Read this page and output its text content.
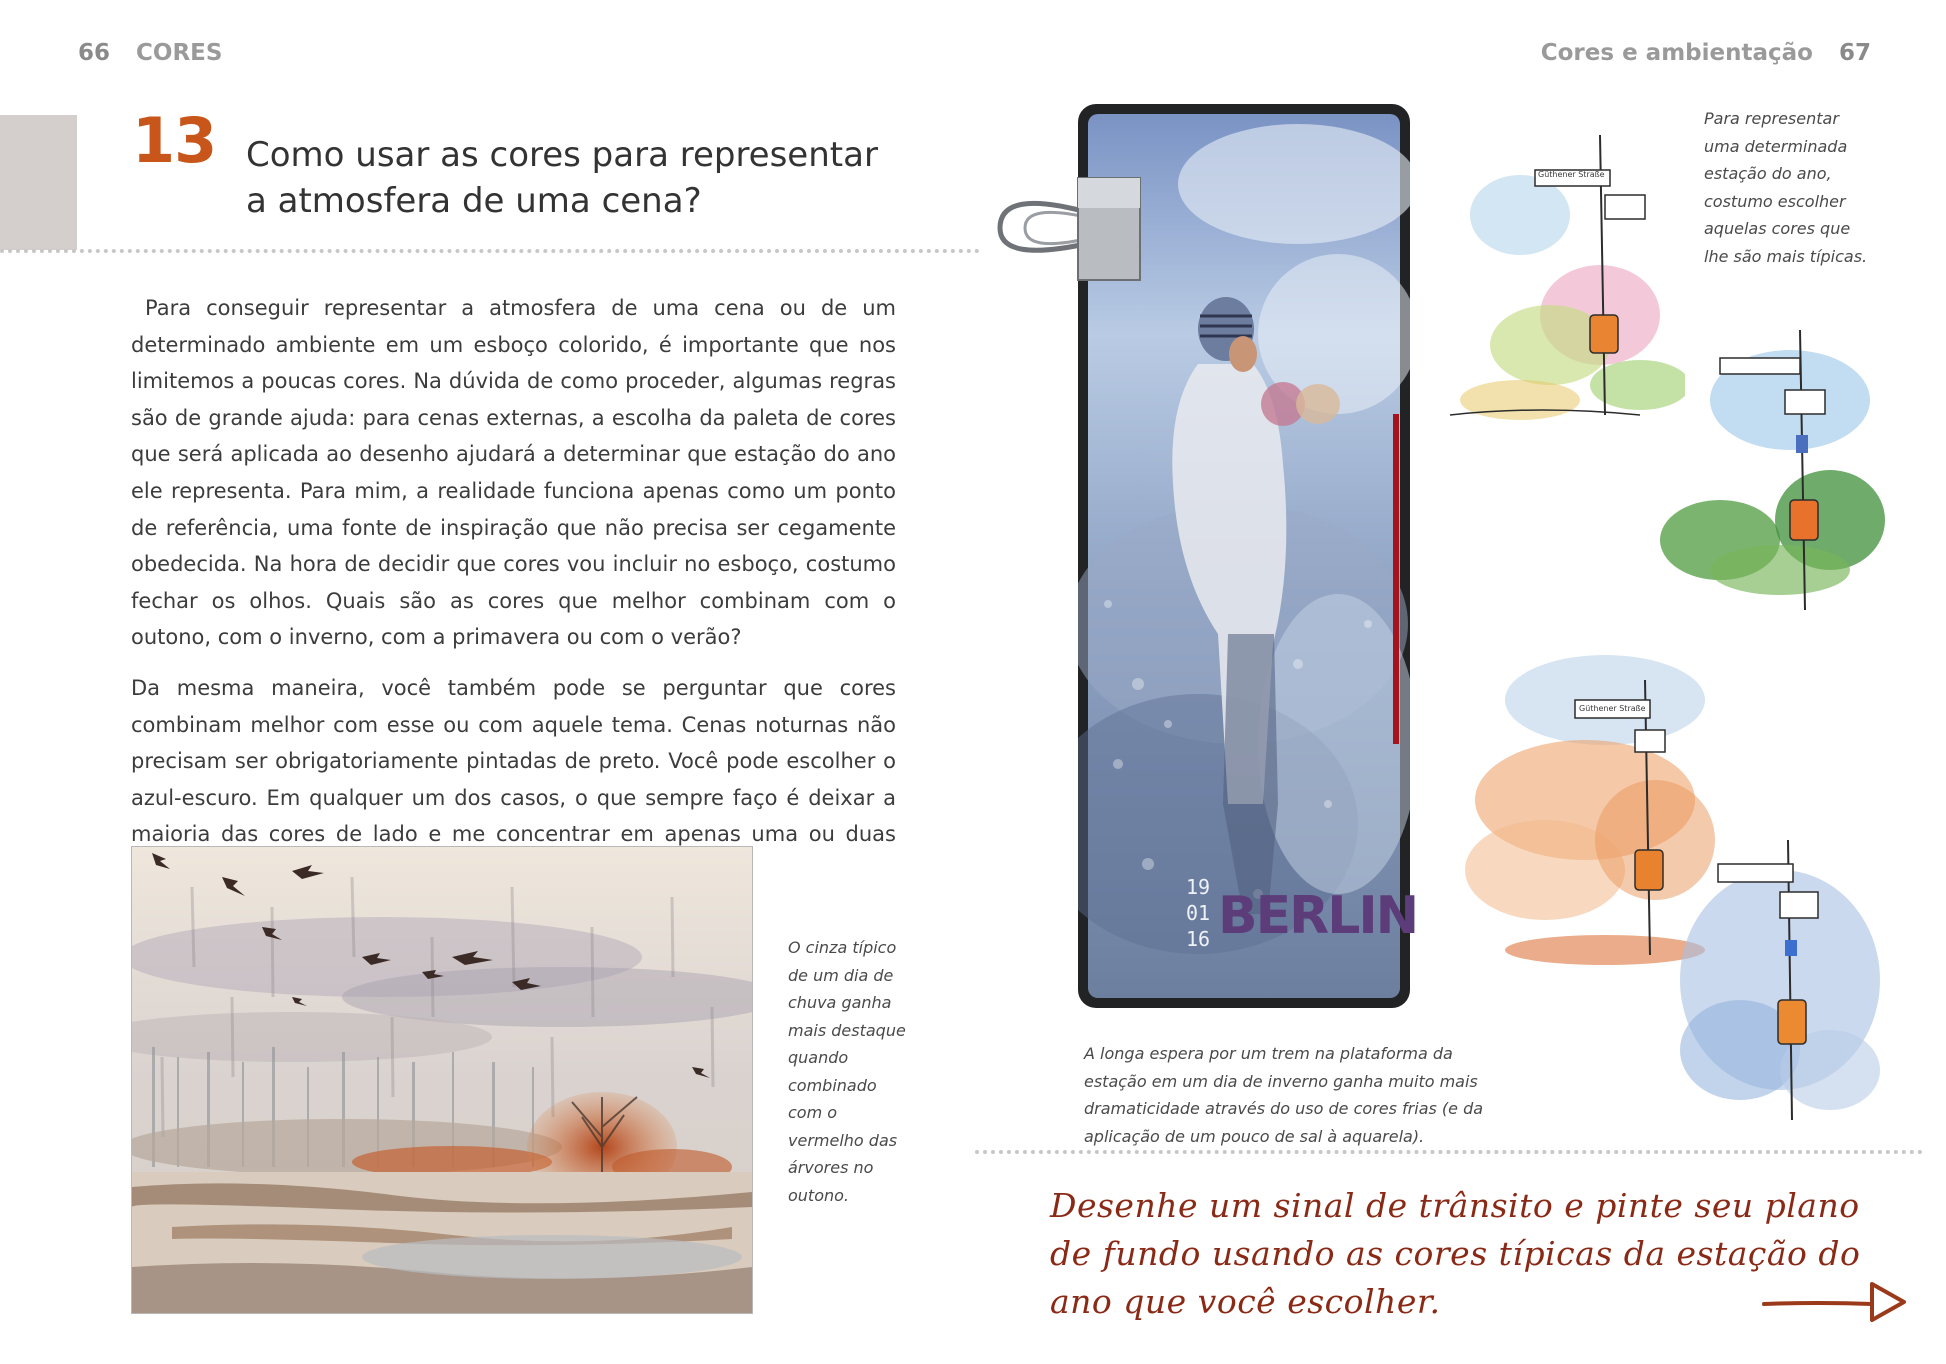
66 CORES	Cores e ambientação 67
13 Como usar as cores para representar a atmosfera de uma cena?

Para conseguir representar a atmosfera de uma cena ou de um determinado ambiente em um esboço colorido, é importante que nos limitemos a poucas cores. Na dúvida de como proceder, algumas regras são de grande ajuda: para cenas externas, a escolha da paleta de cores que será aplicada ao desenho ajudará a determinar que estação do ano ele representa. Para mim, a realidade funciona apenas como um ponto de referência, uma fonte de inspiração que não precisa ser cegamente obedecida. Na hora de decidir que cores vou incluir no esboço, costumo fechar os olhos. Quais são as cores que melhor combinam com o outono, com o inverno, com a primavera ou com o verão?

Da mesma maneira, você também pode se perguntar que cores combinam melhor com esse ou com aquele tema. Cenas noturnas não precisam ser obrigatoriamente pintadas de preto. Você pode escolher o azul-escuro. Em qualquer um dos casos, o que sempre faço é deixar a maioria das cores de lado e me concentrar em apenas uma ou duas

O cinza típico de um dia de chuva ganha mais destaque quando combinado com o vermelho das árvores no outono.
19 01 16 BERLIN
A longa espera por um trem na plataforma da estação em um dia de inverno ganha muito mais dramaticidade através do uso de cores frias (e da aplicação de um pouco de sal à aquarela).
Güthener Straße
Para representar uma determinada estação do ano, costumo escolher aquelas cores que lhe são mais típicas.
Güthener Straße
Desenhe um sinal de trânsito e pinte seu plano de fundo usando as cores típicas da estação do ano que você escolher.
